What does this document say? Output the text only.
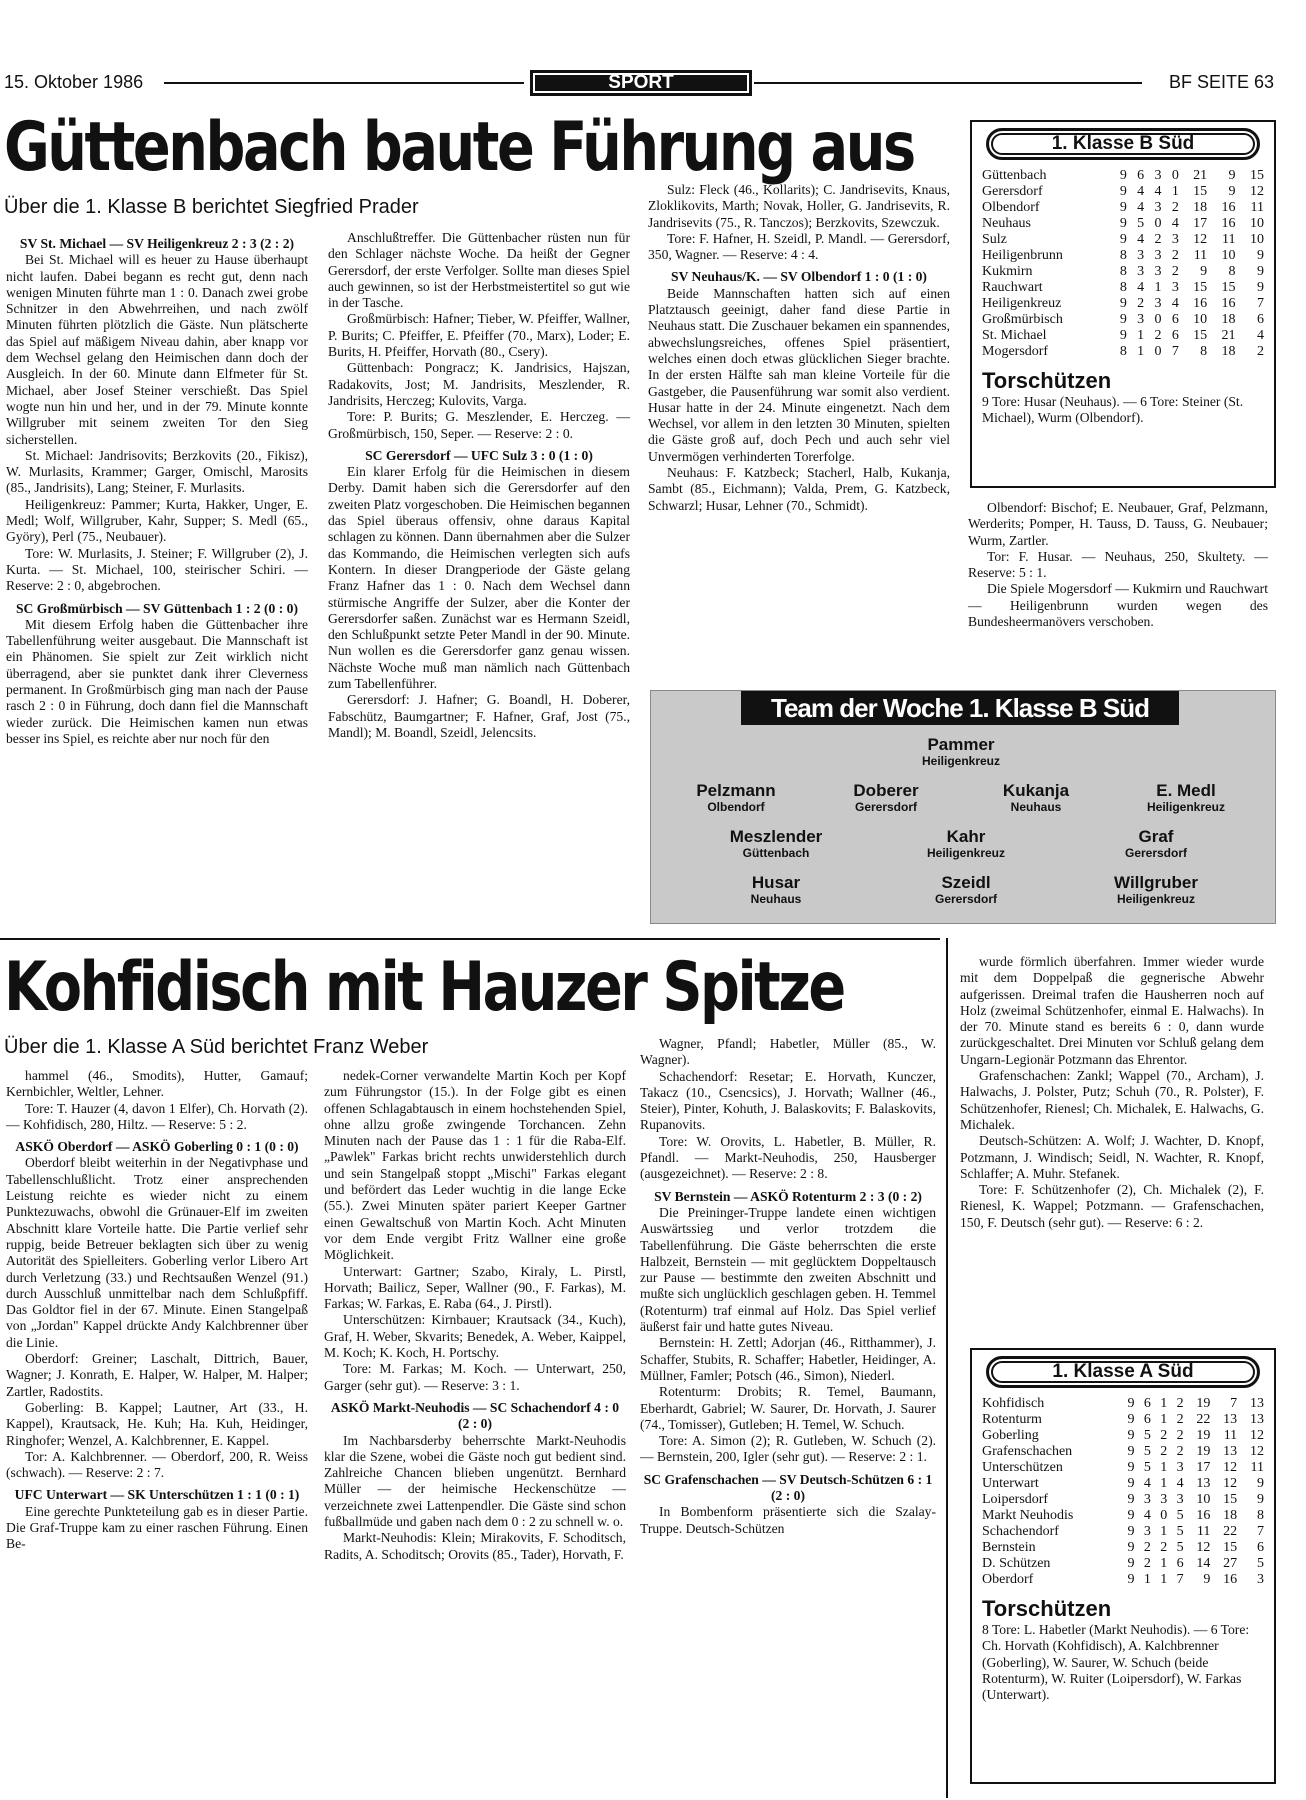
15. Oktober 1986	SPORT	BF SEITE 63
Güttenbach baute Führung aus
Über die 1. Klasse B berichtet Siegfried Prader

SV St. Michael — SV Heiligenkreuz 2 : 3 (2 : 2)

Bei St. Michael will es heuer zu Hause überhaupt nicht laufen. Dabei begann es recht gut, denn nach wenigen Minuten führte man 1 : 0. Danach zwei grobe Schnitzer in den Abwehrreihen, und nach zwölf Minuten führten plötzlich die Gäste. Nun plätscherte das Spiel auf mäßigem Niveau dahin, aber knapp vor dem Wechsel gelang den Heimischen dann doch der Ausgleich. In der 60. Minute dann Elfmeter für St. Michael, aber Josef Steiner verschießt. Das Spiel wogte nun hin und her, und in der 79. Minute konnte Willgruber mit seinem zweiten Tor den Sieg sicherstellen.

St. Michael: Jandrisovits; Berzkovits (20., Fikisz), W. Murlasits, Krammer; Garger, Omischl, Marosits (85., Jandrisits), Lang; Steiner, F. Murlasits.

Heiligenkreuz: Pammer; Kurta, Hakker, Unger, E. Medl; Wolf, Willgruber, Kahr, Supper; S. Medl (65., Györy), Perl (75., Neubauer).

Tore: W. Murlasits, J. Steiner; F. Willgruber (2), J. Kurta. — St. Michael, 100, steirischer Schiri. — Reserve: 2 : 0, abgebrochen.

SC Großmürbisch — SV Güttenbach 1 : 2 (0 : 0)

Mit diesem Erfolg haben die Güttenbacher ihre Tabellenführung weiter ausgebaut. Die Mannschaft ist ein Phänomen. Sie spielt zur Zeit wirklich nicht überragend, aber sie punktet dank ihrer Cleverness permanent. In Großmürbisch ging man nach der Pause rasch 2 : 0 in Führung, doch dann fiel die Mannschaft wieder zurück. Die Heimischen kamen nun etwas besser ins Spiel, es reichte aber nur noch für den

Anschlußtreffer. Die Güttenbacher rüsten nun für den Schlager nächste Woche. Da heißt der Gegner Gerersdorf, der erste Verfolger. Sollte man dieses Spiel auch gewinnen, so ist der Herbstmeistertitel so gut wie in der Tasche.

Großmürbisch: Hafner; Tieber, W. Pfeiffer, Wallner, P. Burits; C. Pfeiffer, E. Pfeiffer (70., Marx), Loder; E. Burits, H. Pfeiffer, Horvath (80., Csery).

Güttenbach: Pongracz; K. Jandrisics, Hajszan, Radakovits, Jost; M. Jandrisits, Meszlender, R. Jandrisits, Herczeg; Kulovits, Varga.

Tore: P. Burits; G. Meszlender, E. Herczeg. — Großmürbisch, 150, Seper. — Reserve: 2 : 0.

SC Gerersdorf — UFC Sulz 3 : 0 (1 : 0)

Ein klarer Erfolg für die Heimischen in diesem Derby. Damit haben sich die Gerersdorfer auf den zweiten Platz vorgeschoben. Die Heimischen begannen das Spiel überaus offensiv, ohne daraus Kapital schlagen zu können. Dann übernahmen aber die Sulzer das Kommando, die Heimischen verlegten sich aufs Kontern. In dieser Drangperiode der Gäste gelang Franz Hafner das 1 : 0. Nach dem Wechsel dann stürmische Angriffe der Sulzer, aber die Konter der Gerersdorfer saßen. Zunächst war es Hermann Szeidl, den Schlußpunkt setzte Peter Mandl in der 90. Minute. Nun wollen es die Gerersdorfer ganz genau wissen. Nächste Woche muß man nämlich nach Güttenbach zum Tabellenführer.

Gerersdorf: J. Hafner; G. Boandl, H. Doberer, Fabschütz, Baumgartner; F. Hafner, Graf, Jost (75., Mandl); M. Boandl, Szeidl, Jelencsits.

Sulz: Fleck (46., Kollarits); C. Jandrisevits, Knaus, Zloklikovits, Marth; Novak, Holler, G. Jandrisevits, R. Jandrisevits (75., R. Tanczos); Berzkovits, Szewczuk.

Tore: F. Hafner, H. Szeidl, P. Mandl. — Gerersdorf, 350, Wagner. — Reserve: 4 : 4.

SV Neuhaus/K. — SV Olbendorf 1 : 0 (1 : 0)

Beide Mannschaften hatten sich auf einen Platztausch geeinigt, daher fand diese Partie in Neuhaus statt. Die Zuschauer bekamen ein spannendes, abwechslungsreiches, offenes Spiel präsentiert, welches einen doch etwas glücklichen Sieger brachte. In der ersten Hälfte sah man kleine Vorteile für die Gastgeber, die Pausenführung war somit also verdient. Husar hatte in der 24. Minute eingenetzt. Nach dem Wechsel, vor allem in den letzten 30 Minuten, spielten die Gäste groß auf, doch Pech und auch sehr viel Unvermögen verhinderten Torerfolge.

Neuhaus: F. Katzbeck; Stacherl, Halb, Kukanja, Sambt (85., Eichmann); Valda, Prem, G. Katzbeck, Schwarzl; Husar, Lehner (70., Schmidt).	Olbendorf: Bischof; E. Neubauer, Graf, Pelzmann, Werderits; Pomper, H. Tauss, D. Tauss, G. Neubauer; Wurm, Zartler.

Tor: F. Husar. — Neuhaus, 250, Skultety. — Reserve: 5 : 1.

Die Spiele Mogersdorf — Kukmirn und Rauchwart — Heiligenbrunn wurden wegen des Bundesheermanövers verschoben.

1. Klasse B Süd
Güttenbach	9	6	3	0	21	9	15
Gerersdorf	9	4	4	1	15	9	12
Olbendorf	9	4	3	2	18	16	11
Neuhaus	9	5	0	4	17	16	10
Sulz	9	4	2	3	12	11	10
Heiligenbrunn	8	3	3	2	11	10	9
Kukmirn	8	3	3	2	9	8	9
Rauchwart	8	4	1	3	15	15	9
Heiligenkreuz	9	2	3	4	16	16	7
Großmürbisch	9	3	0	6	10	18	6
St. Michael	9	1	2	6	15	21	4
Mogersdorf	8	1	0	7	8	18	2
Torschützen
9 Tore: Husar (Neuhaus). — 6 Tore: Steiner (St. Michael), Wurm (Olbendorf).
Team der Woche 1. Klasse B Süd
Pammer
Heiligenkreuz
Pelzmann
Olbendorf
Doberer
Gerersdorf
Kukanja
Neuhaus
E. Medl
Heiligenkreuz
Meszlender
Güttenbach
Kahr
Heiligenkreuz
Graf
Gerersdorf
Husar
Neuhaus
Szeidl
Gerersdorf
Willgruber
Heiligenkreuz
Kohfidisch mit Hauzer Spitze
Über die 1. Klasse A Süd berichtet Franz Weber

hammel (46., Smodits), Hutter, Gamauf; Kernbichler, Weltler, Lehner.

Tore: T. Hauzer (4, davon 1 Elfer), Ch. Horvath (2). — Kohfidisch, 280, Hiltz. — Reserve: 5 : 2.

ASKÖ Oberdorf — ASKÖ Goberling 0 : 1 (0 : 0)

Oberdorf bleibt weiterhin in der Negativphase und Tabellenschlußlicht. Trotz einer ansprechenden Leistung reichte es wieder nicht zu einem Punktezuwachs, obwohl die Grünauer-Elf im zweiten Abschnitt klare Vorteile hatte. Die Partie verlief sehr ruppig, beide Betreuer beklagten sich über zu wenig Autorität des Spielleiters. Goberling verlor Libero Art durch Verletzung (33.) und Rechtsaußen Wenzel (91.) durch Ausschluß unmittelbar nach dem Schlußpfiff. Das Goldtor fiel in der 67. Minute. Einen Stangelpaß von „Jordan" Kappel drückte Andy Kalchbrenner über die Linie.

Oberdorf: Greiner; Laschalt, Dittrich, Bauer, Wagner; J. Konrath, E. Halper, W. Halper, M. Halper; Zartler, Radostits.

Goberling: B. Kappel; Lautner, Art (33., H. Kappel), Krautsack, He. Kuh; Ha. Kuh, Heidinger, Ringhofer; Wenzel, A. Kalchbrenner, E. Kappel.

Tor: A. Kalchbrenner. — Oberdorf, 200, R. Weiss (schwach). — Reserve: 2 : 7.

UFC Unterwart — SK Unterschützen 1 : 1 (0 : 1)

Eine gerechte Punkteteilung gab es in dieser Partie. Die Graf-Truppe kam zu einer raschen Führung. Einen Be-

nedek-Corner verwandelte Martin Koch per Kopf zum Führungstor (15.). In der Folge gibt es einen offenen Schlagabtausch in einem hochstehenden Spiel, ohne allzu große zwingende Torchancen. Zehn Minuten nach der Pause das 1 : 1 für die Raba-Elf. „Pawlek" Farkas bricht rechts unwiderstehlich durch und sein Stangelpaß stoppt „Mischi" Farkas elegant und befördert das Leder wuchtig in die lange Ecke (55.). Zwei Minuten später pariert Keeper Gartner einen Gewaltschuß von Martin Koch. Acht Minuten vor dem Ende vergibt Fritz Wallner eine große Möglichkeit.

Unterwart: Gartner; Szabo, Kiraly, L. Pirstl, Horvath; Bailicz, Seper, Wallner (90., F. Farkas), M. Farkas; W. Farkas, E. Raba (64., J. Pirstl).

Unterschützen: Kirnbauer; Krautsack (34., Kuch), Graf, H. Weber, Skvarits; Benedek, A. Weber, Kaippel, M. Koch; K. Koch, H. Portschy.

Tore: M. Farkas; M. Koch. — Unterwart, 250, Garger (sehr gut). — Reserve: 3 : 1.

ASKÖ Markt-Neuhodis — SC Schachendorf 4 : 0 (2 : 0)

Im Nachbarsderby beherrschte Markt-Neuhodis klar die Szene, wobei die Gäste noch gut bedient sind. Zahlreiche Chancen blieben ungenützt. Bernhard Müller — der heimische Heckenschütze — verzeichnete zwei Lattenpendler. Die Gäste sind schon fußballmüde und gaben nach dem 0 : 2 zu schnell w. o.

Markt-Neuhodis: Klein; Mirakovits, F. Schoditsch, Radits, A. Schoditsch; Orovits (85., Tader), Horvath, F.

Wagner, Pfandl; Habetler, Müller (85., W. Wagner).

Schachendorf: Resetar; E. Horvath, Kunczer, Takacz (10., Csencsics), J. Horvath; Wallner (46., Steier), Pinter, Kohuth, J. Balaskovits; F. Balaskovits, Rupanovits.

Tore: W. Orovits, L. Habetler, B. Müller, R. Pfandl. — Markt-Neuhodis, 250, Hausberger (ausgezeichnet). — Reserve: 2 : 8.

SV Bernstein — ASKÖ Rotenturm 2 : 3 (0 : 2)

Die Preininger-Truppe landete einen wichtigen Auswärtssieg und verlor trotzdem die Tabellenführung. Die Gäste beherrschten die erste Halbzeit, Bernstein — mit geglücktem Doppeltausch zur Pause — bestimmte den zweiten Abschnitt und mußte sich unglücklich geschlagen geben. H. Temmel (Rotenturm) traf einmal auf Holz. Das Spiel verlief äußerst fair und hatte gutes Niveau.

Bernstein: H. Zettl; Adorjan (46., Ritthammer), J. Schaffer, Stubits, R. Schaffer; Habetler, Heidinger, A. Müllner, Famler; Potsch (46., Simon), Niederl.

Rotenturm: Drobits; R. Temel, Baumann, Eberhardt, Gabriel; W. Saurer, Dr. Horvath, J. Saurer (74., Tomisser), Gutleben; H. Temel, W. Schuch.

Tore: A. Simon (2); R. Gutleben, W. Schuch (2). — Bernstein, 200, Igler (sehr gut). — Reserve: 2 : 1.

SC Grafenschachen — SV Deutsch-Schützen 6 : 1 (2 : 0)

In Bombenform präsentierte sich die Szalay-Truppe. Deutsch-Schützen

wurde förmlich überfahren. Immer wieder wurde mit dem Doppelpaß die gegnerische Abwehr aufgerissen. Dreimal trafen die Hausherren noch auf Holz (zweimal Schützenhofer, einmal E. Halwachs). In der 70. Minute stand es bereits 6 : 0, dann wurde zurückgeschaltet. Drei Minuten vor Schluß gelang dem Ungarn-Legionär Potzmann das Ehrentor.

Grafenschachen: Zankl; Wappel (70., Archam), J. Halwachs, J. Polster, Putz; Schuh (70., R. Polster), F. Schützenhofer, Rienesl; Ch. Michalek, E. Halwachs, G. Michalek.

Deutsch-Schützen: A. Wolf; J. Wachter, D. Knopf, Potzmann, J. Windisch; Seidl, N. Wachter, R. Knopf, Schlaffer; A. Muhr. Stefanek.

Tore: F. Schützenhofer (2), Ch. Michalek (2), F. Rienesl, K. Wappel; Potzmann. — Grafenschachen, 150, F. Deutsch (sehr gut). — Reserve: 6 : 2.

1. Klasse A Süd
Kohfidisch	9	6	1	2	19	7	13
Rotenturm	9	6	1	2	22	13	13
Goberling	9	5	2	2	19	11	12
Grafenschachen	9	5	2	2	19	13	12
Unterschützen	9	5	1	3	17	12	11
Unterwart	9	4	1	4	13	12	9
Loipersdorf	9	3	3	3	10	15	9
Markt Neuhodis	9	4	0	5	16	18	8
Schachendorf	9	3	1	5	11	22	7
Bernstein	9	2	2	5	12	15	6
D. Schützen	9	2	1	6	14	27	5
Oberdorf	9	1	1	7	9	16	3
Torschützen
8 Tore: L. Habetler (Markt Neuhodis). — 6 Tore: Ch. Horvath (Kohfidisch), A. Kalchbrenner (Goberling), W. Saurer, W. Schuch (beide Rotenturm), W. Ruiter (Loipersdorf), W. Farkas (Unterwart).
